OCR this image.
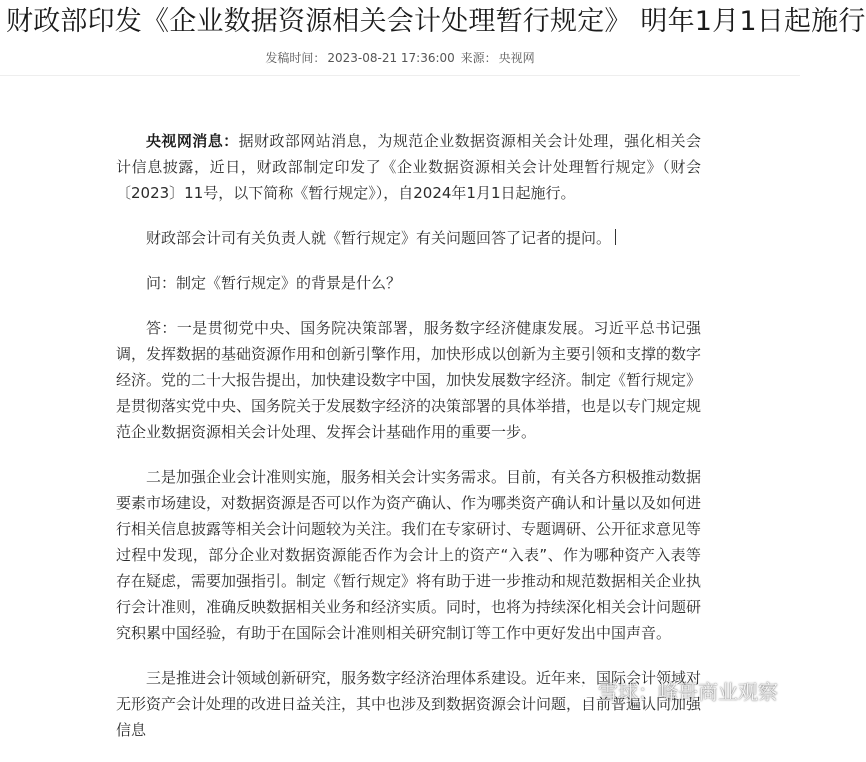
财政部印发《企业数据资源相关会计处理暂行规定》 明年1月1日起施行
发稿时间： 2023-08-21 17:36:00 来源： 央视网

央视网消息：据财政部网站消息，为规范企业数据资源相关会计处理，强化相关会计信息披露，近日，财政部制定印发了《企业数据资源相关会计处理暂行规定》（财会〔2023〕11号，以下简称《暂行规定》），自2024年1月1日起施行。

财政部会计司有关负责人就《暂行规定》有关问题回答了记者的提问。

问：制定《暂行规定》的背景是什么？

答：一是贯彻党中央、国务院决策部署，服务数字经济健康发展。习近平总书记强调，发挥数据的基础资源作用和创新引擎作用，加快形成以创新为主要引领和支撑的数字经济。党的二十大报告提出，加快建设数字中国，加快发展数字经济。制定《暂行规定》是贯彻落实党中央、国务院关于发展数字经济的决策部署的具体举措，也是以专门规定规范企业数据资源相关会计处理、发挥会计基础作用的重要一步。

二是加强企业会计准则实施，服务相关会计实务需求。目前，有关各方积极推动数据要素市场建设，对数据资源是否可以作为资产确认、作为哪类资产确认和计量以及如何进行相关信息披露等相关会计问题较为关注。我们在专家研讨、专题调研、公开征求意见等过程中发现，部分企业对数据资源能否作为会计上的资产“入表”、作为哪种资产入表等存在疑虑，需要加强指引。制定《暂行规定》将有助于进一步推动和规范数据相关企业执行会计准则，准确反映数据相关业务和经济实质。同时，也将为持续深化相关会计问题研究积累中国经验，有助于在国际会计准则相关研究制订等工作中更好发出中国声音。

三是推进会计领域创新研究，服务数字经济治理体系建设。近年来，国际会计领域对无形资产会计处理的改进日益关注，其中也涉及到数据资源会计问题，目前普遍认同加强信息

雪球：峰哥商业观察
